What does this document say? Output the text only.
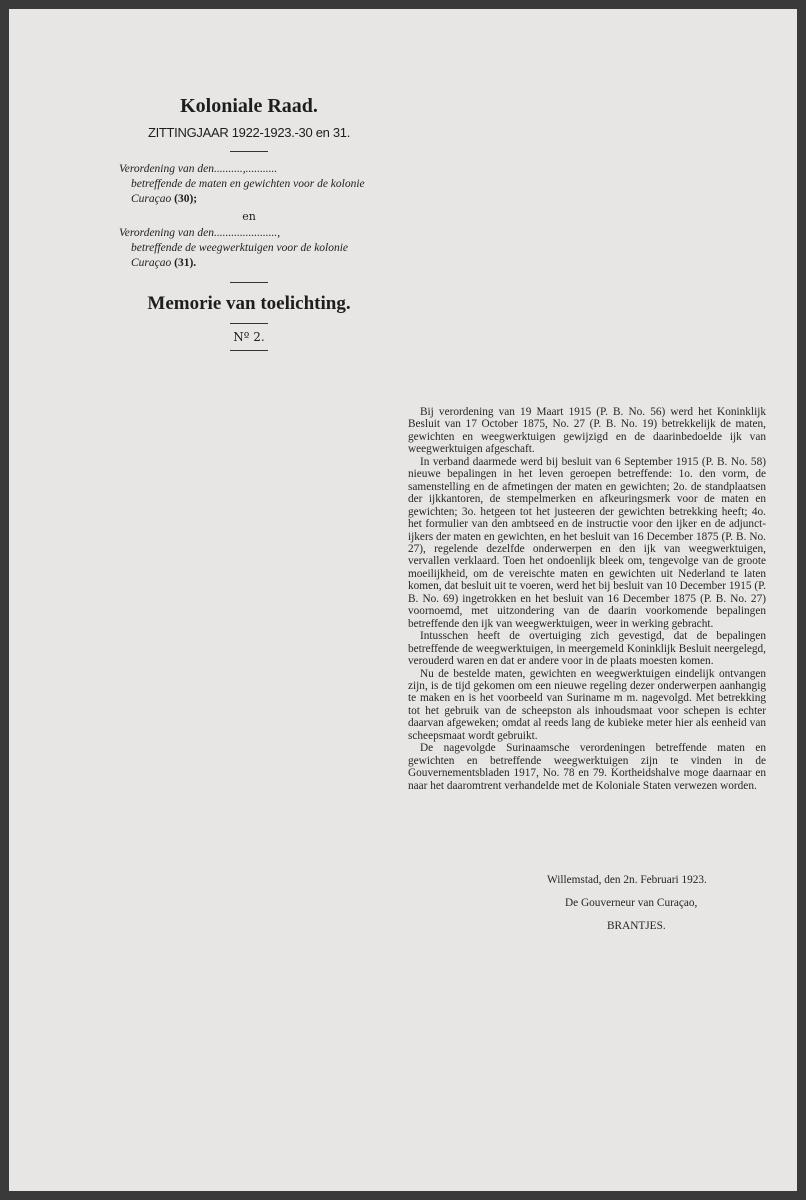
Koloniale Raad.
ZITTINGJAAR 1922-1923.-30 en 31.
Verordening van den..........,...........
betreffende de maten en gewichten voor de kolonie Curaçao (30);
en
Verordening van den......................,
betreffende de weegwerktuigen voor de kolonie Curaçao (31).
Memorie van toelichting.
Nº 2.

Bij verordening van 19 Maart 1915 (P. B. No. 56) werd het Koninklijk Besluit van 17 October 1875, No. 27 (P. B. No. 19) betrekkelijk de maten, gewichten en weegwerktuigen gewijzigd en de daarinbedoelde ijk van weegwerktuigen afgeschaft.

In verband daarmede werd bij besluit van 6 September 1915 (P. B. No. 58) nieuwe bepalingen in het leven geroepen betreffende: 1o. den vorm, de samenstelling en de afmetingen der maten en gewichten; 2o. de standplaatsen der ijkkantoren, de stempelmerken en afkeuringsmerk voor de maten en gewichten; 3o. hetgeen tot het justeeren der gewichten betrekking heeft; 4o. het formulier van den ambtseed en de instructie voor den ijker en de adjunct-ijkers der maten en gewichten, en het besluit van 16 December 1875 (P. B. No. 27), regelende dezelfde onderwerpen en den ijk van weegwerktuigen, vervallen verklaard. Toen het ondoenlijk bleek om, tengevolge van de groote moeilijkheid, om de vereischte maten en gewichten uit Nederland te laten komen, dat besluit uit te voeren, werd het bij besluit van 10 December 1915 (P. B. No. 69) ingetrokken en het besluit van 16 December 1875 (P. B. No. 27) voornoemd, met uitzondering van de daarin voorkomende bepalingen betreffende den ijk van weegwerktuigen, weer in werking gebracht.

Intusschen heeft de overtuiging zich gevestigd, dat de bepalingen betreffende de weegwerktuigen, in meergemeld Koninklijk Besluit neergelegd, verouderd waren en dat er andere voor in de plaats moesten komen.

Nu de bestelde maten, gewichten en weegwerktuigen eindelijk ontvangen zijn, is de tijd gekomen om een nieuwe regeling dezer onderwerpen aanhangig te maken en is het voorbeeld van Suriname m m. nagevolgd. Met betrekking tot het gebruik van de scheepston als inhoudsmaat voor schepen is echter daarvan afgeweken; omdat al reeds lang de kubieke meter hier als eenheid van scheepsmaat wordt gebruikt.

De nagevolgde Surinaamsche verordeningen betreffende maten en gewichten en betreffende weegwerktuigen zijn te vinden in de Gouvernementsbladen 1917, No. 78 en 79. Kortheidshalve moge daarnaar en naar het daaromtrent verhandelde met de Koloniale Staten verwezen worden.

Willemstad, den 2n. Februari 1923.
De Gouverneur van Curaçao,
BRANTJES.
